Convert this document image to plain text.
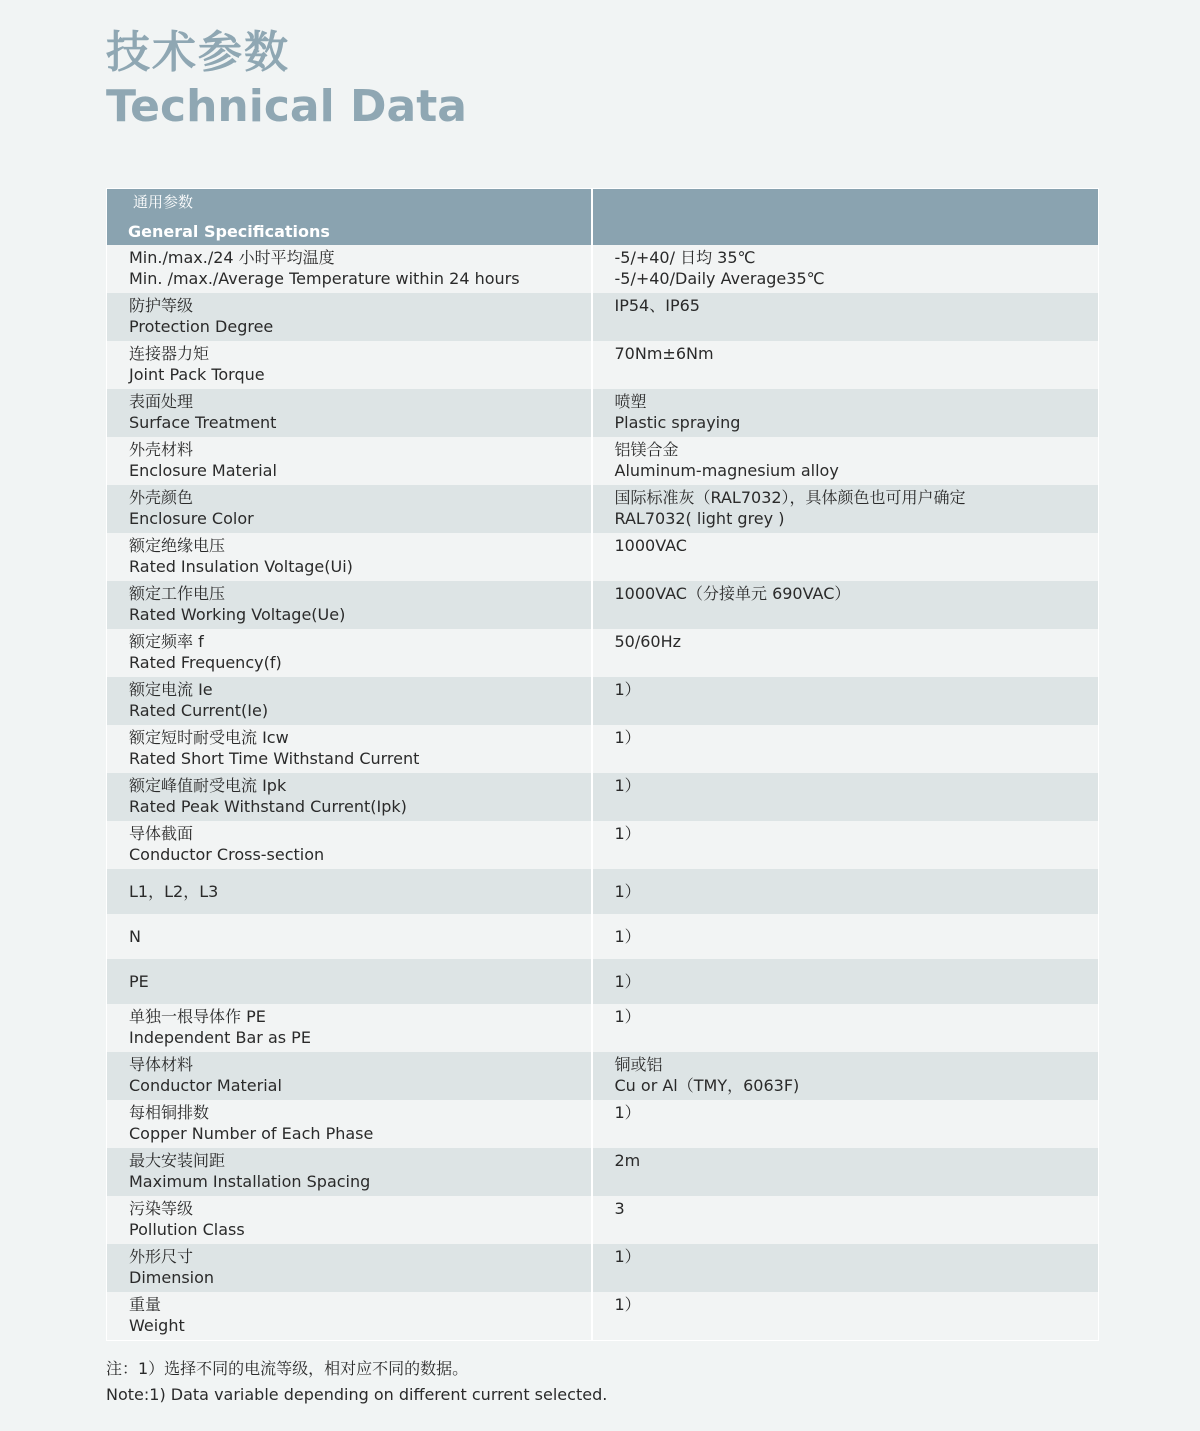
技术参数
Technical Data
通用参数
General Specifications	

Min./max./24 小时平均温度
Min. /max./Average Temperature within 24 hours	-5/+40/ 日均 35℃
-5/+40/Daily Average35℃

防护等级
Protection Degree	IP54、IP65

连接器力矩
Joint Pack Torque	70Nm±6Nm

表面处理
Surface Treatment	喷塑
Plastic spraying

外壳材料
Enclosure Material	铝镁合金
Aluminum-magnesium alloy

外壳颜色
Enclosure Color	国际标准灰（RAL7032），具体颜色也可用户确定
RAL7032( light grey )

额定绝缘电压
Rated Insulation Voltage(Ui)	1000VAC

额定工作电压
Rated Working Voltage(Ue)	1000VAC（分接单元 690VAC）

额定频率 f
Rated Frequency(f)	50/60Hz

额定电流 Ie
Rated Current(Ie)	1）

额定短时耐受电流 Icw
Rated Short Time Withstand Current	1）

额定峰值耐受电流 Ipk
Rated Peak Withstand Current(Ipk)	1）

导体截面
Conductor Cross-section	1）

L1，L2，L3	1）

N	1）

PE	1）

单独一根导体作 PE
Independent Bar as PE	1）

导体材料
Conductor Material	铜或铝
Cu or Al（TMY，6063F)

每相铜排数
Copper Number of Each Phase	1）

最大安装间距
Maximum Installation Spacing	2m

污染等级
Pollution Class	3

外形尺寸
Dimension	1）

重量
Weight	1）
注：1）选择不同的电流等级，相对应不同的数据。
Note:1) Data variable depending on different current selected.
